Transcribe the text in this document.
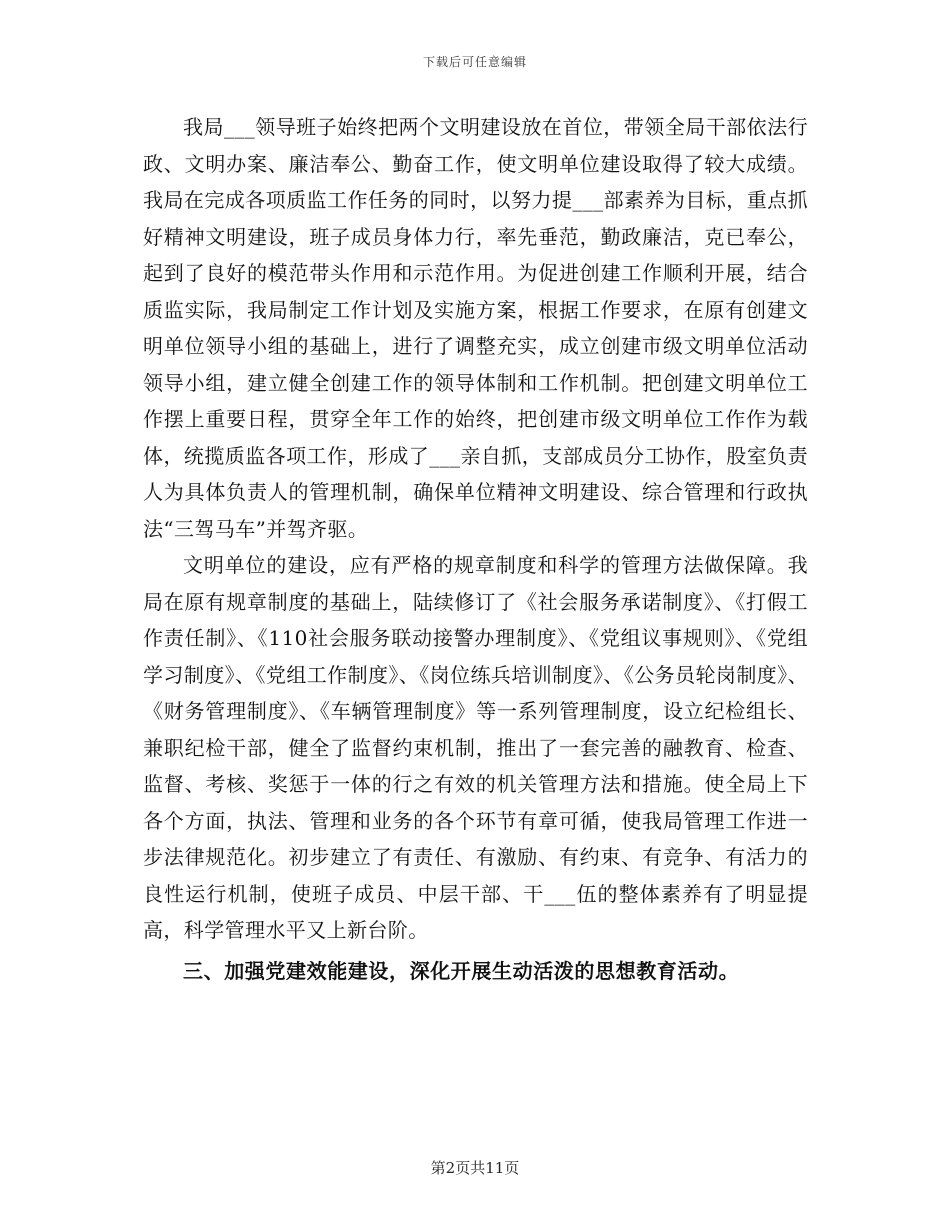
下载后可任意编辑

我局___领导班子始终把两个文明建设放在首位，带领全局干部依法行政、文明办案、廉洁奉公、勤奋工作，使文明单位建设取得了较大成绩。我局在完成各项质监工作任务的同时，以努力提___部素养为目标，重点抓好精神文明建设，班子成员身体力行，率先垂范，勤政廉洁，克已奉公，起到了良好的模范带头作用和示范作用。为促进创建工作顺利开展，结合质监实际，我局制定工作计划及实施方案，根据工作要求，在原有创建文明单位领导小组的基础上，进行了调整充实，成立创建市级文明单位活动领导小组，建立健全创建工作的领导体制和工作机制。把创建文明单位工作摆上重要日程，贯穿全年工作的始终，把创建市级文明单位工作作为载体，统揽质监各项工作，形成了___亲自抓，支部成员分工协作，股室负责人为具体负责人的管理机制，确保单位精神文明建设、综合管理和行政执法“三驾马车”并驾齐驱。

文明单位的建设，应有严格的规章制度和科学的管理方法做保障。我局在原有规章制度的基础上，陆续修订了《社会服务承诺制度》、《打假工作责任制》、《110社会服务联动接警办理制度》、《党组议事规则》、《党组学习制度》、《党组工作制度》、《岗位练兵培训制度》、《公务员轮岗制度》、《财务管理制度》、《车辆管理制度》等一系列管理制度，设立纪检组长、兼职纪检干部，健全了监督约束机制，推出了一套完善的融教育、检查、监督、考核、奖惩于一体的行之有效的机关管理方法和措施。使全局上下各个方面，执法、管理和业务的各个环节有章可循，使我局管理工作进一步法律规范化。初步建立了有责任、有激励、有约束、有竞争、有活力的良性运行机制，使班子成员、中层干部、干___伍的整体素养有了明显提高，科学管理水平又上新台阶。

三、加强党建效能建设，深化开展生动活泼的思想教育活动。

第2页共11页
